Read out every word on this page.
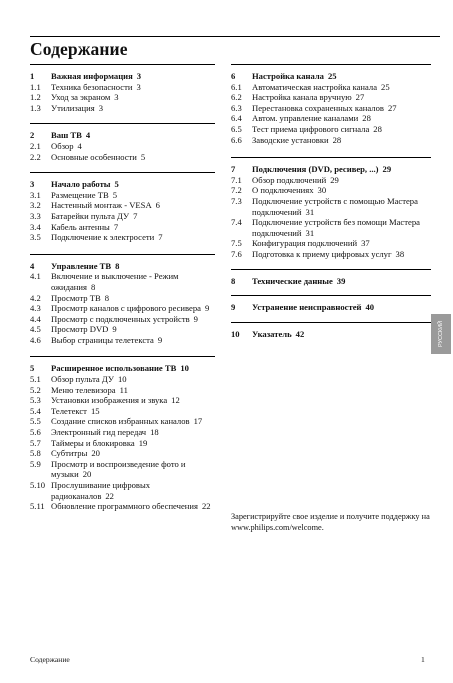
Содержание
1	Важная информация 3
1.1	Техника безопасности 3
1.2	Уход за экраном 3
1.3	Утилизация 3
2	Ваш ТВ 4
2.1	Обзор 4
2.2	Основные особенности 5
3	Начало работы 5
3.1	Размещение ТВ 5
3.2	Настенный монтаж - VESA 6
3.3	Батарейки пульта ДУ 7
3.4	Кабель антенны 7
3.5	Подключение к электросети 7
4	Управление ТВ 8
4.1	Включение и выключение - Режим ожидания 8
4.2	Просмотр ТВ 8
4.3	Просмотр каналов с цифрового ресивера 9
4.4	Просмотр с подключенных устройств 9
4.5	Просмотр DVD 9
4.6	Выбор страницы телетекста 9
5	Расширенное использование ТВ 10
5.1	Обзор пульта ДУ 10
5.2	Меню телевизора 11
5.3	Установки изображения и звука 12
5.4	Телетекст 15
5.5	Создание списков избранных каналов 17
5.6	Электронный гид передач 18
5.7	Таймеры и блокировка 19
5.8	Субтитры 20
5.9	Просмотр и воспроизведение фото и музыки 20
5.10 Прослушивание цифровых радиоканалов 22
5.11 Обновление программного обеспечения 22
6	Настройка канала 25
6.1	Автоматическая настройка канала 25
6.2	Настройка канала вручную 27
6.3	Перестановка сохраненных каналов 27
6.4	Автом. управление каналами 28
6.5	Тест приема цифрового сигнала 28
6.6	Заводские установки 28
7	Подключения (DVD, ресивер, ...) 29
7.1	Обзор подключений 29
7.2	О подключениях 30
7.3	Подключение устройств с помощью Мастера подключений 31
7.4	Подключение устройств без помощи Мастера подключений 31
7.5	Конфигурация подключений 37
7.6	Подготовка к приему цифровых услуг 38
8	Технические данные 39
9	Устранение неисправностей 40
10	Указатель 42	РУССКИЙ
Зарегистрируйте свое изделие и получите поддержку на www.philips.com/welcome.
Содержание	1
